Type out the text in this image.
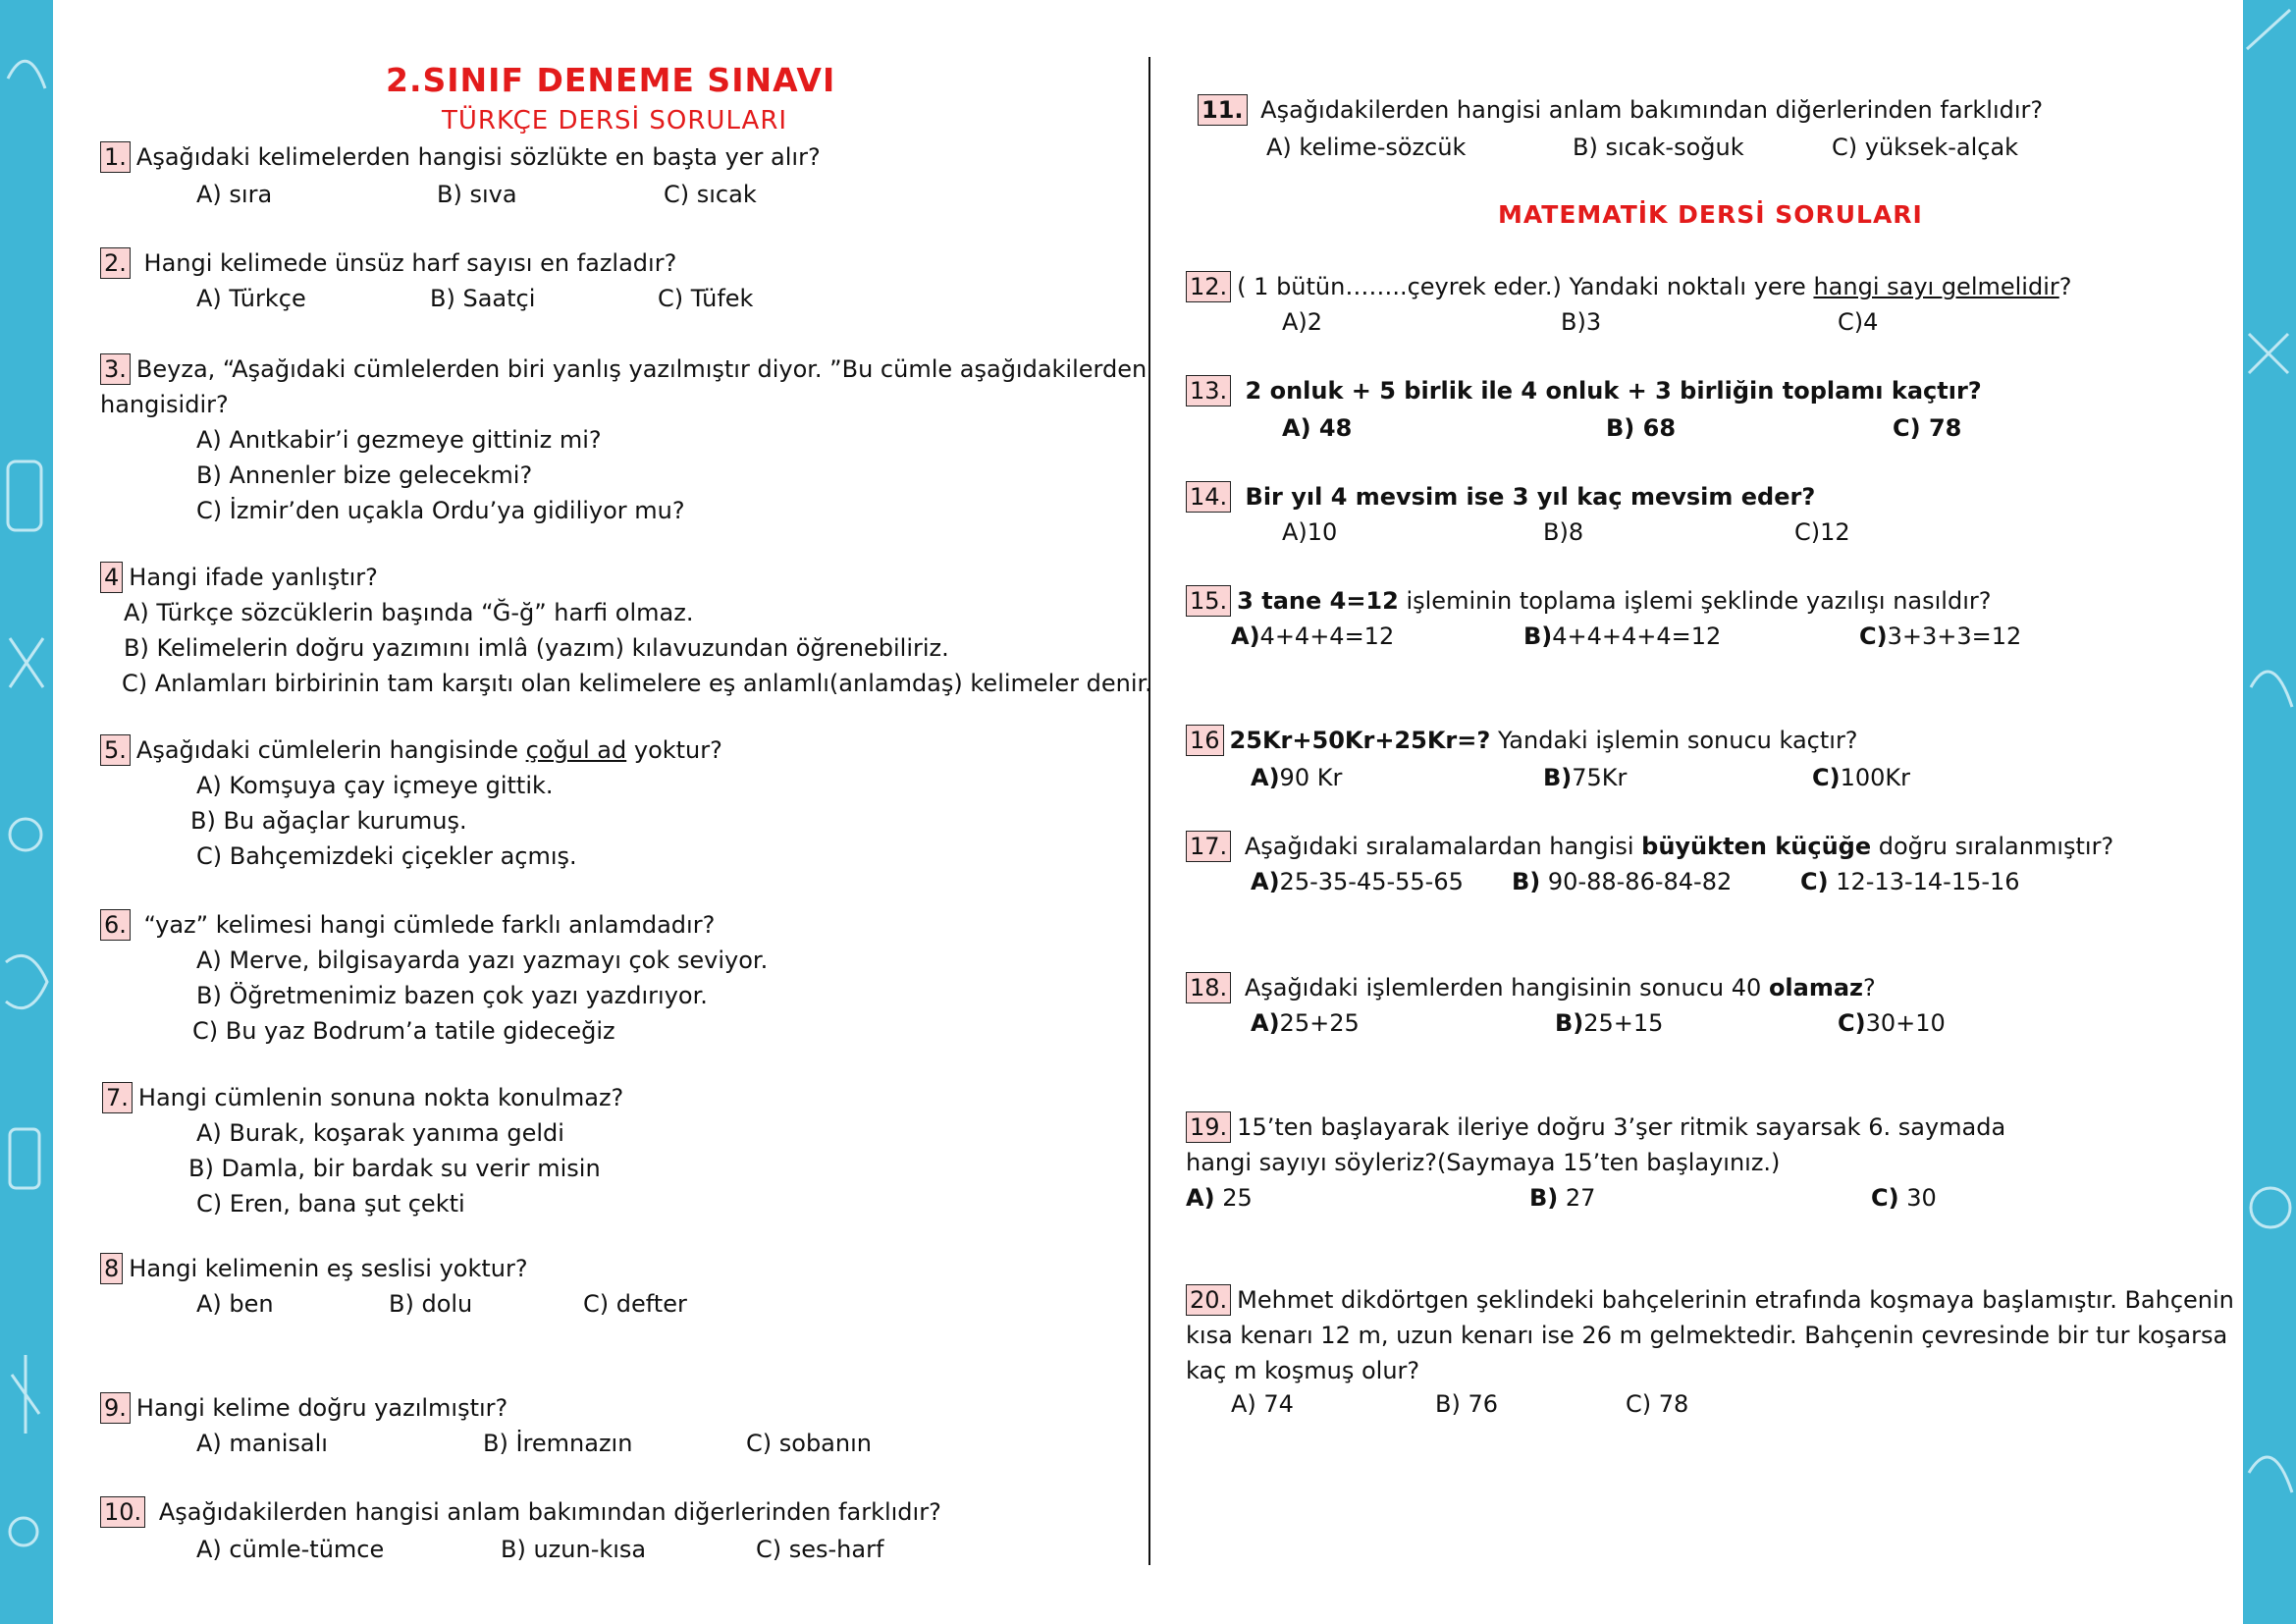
2.SINIF DENEME SINAVI
TÜRKÇE DERSİ SORULARI
1. Aşağıdaki kelimelerden hangisi sözlükte en başta yer alır?
A) sıra	B) sıva	C) sıcak
2. Hangi kelimede ünsüz harf sayısı en fazladır?
A) Türkçe	B) Saatçi	C) Tüfek
3. Beyza, “Aşağıdaki cümlelerden biri yanlış yazılmıştır diyor. ”Bu cümle aşağıdakilerden
hangisidir?
A) Anıtkabir’i gezmeye gittiniz mi?
B) Annenler bize gelecekmi?
C) İzmir’den uçakla Ordu’ya gidiliyor mu?
4 Hangi ifade yanlıştır?
A) Türkçe sözcüklerin başında “Ğ-ğ” harfi olmaz.
B) Kelimelerin doğru yazımını imlâ (yazım) kılavuzundan öğrenebiliriz.
C) Anlamları birbirinin tam karşıtı olan kelimelere eş anlamlı(anlamdaş) kelimeler denir.
5. Aşağıdaki cümlelerin hangisinde çoğul ad yoktur?
A) Komşuya çay içmeye gittik.
B) Bu ağaçlar kurumuş.
C) Bahçemizdeki çiçekler açmış.
6. “yaz” kelimesi hangi cümlede farklı anlamdadır?
A) Merve, bilgisayarda yazı yazmayı çok seviyor.
B) Öğretmenimiz bazen çok yazı yazdırıyor.
C) Bu yaz Bodrum’a tatile gideceğiz
7. Hangi cümlenin sonuna nokta konulmaz?
A) Burak, koşarak yanıma geldi
B) Damla, bir bardak su verir misin
C) Eren, bana şut çekti
8 Hangi kelimenin eş seslisi yoktur?
A) ben	B) dolu	C) defter
9. Hangi kelime doğru yazılmıştır?
A) manisalı	B) İremnazın	C) sobanın
10. Aşağıdakilerden hangisi anlam bakımından diğerlerinden farklıdır?
A) cümle-tümce	B) uzun-kısa	C) ses-harf
11. Aşağıdakilerden hangisi anlam bakımından diğerlerinden farklıdır?
A) kelime-sözcük	B) sıcak-soğuk	C) yüksek-alçak
MATEMATİK DERSİ SORULARI
12. ( 1 bütün……..çeyrek eder.) Yandaki noktalı yere hangi sayı gelmelidir?
A)2	B)3	C)4
13. 2 onluk + 5 birlik ile 4 onluk + 3 birliğin toplamı kaçtır?
A) 48	B) 68	C) 78
14. Bir yıl 4 mevsim ise 3 yıl kaç mevsim eder?
A)10	B)8	C)12
15. 3 tane 4=12 işleminin toplama işlemi şeklinde yazılışı nasıldır?
A)4+4+4=12	B)4+4+4+4=12	C)3+3+3=12
16 25Kr+50Kr+25Kr=? Yandaki işlemin sonucu kaçtır?
A)90 Kr	B)75Kr	C)100Kr
17. Aşağıdaki sıralamalardan hangisi büyükten küçüğe doğru sıralanmıştır?
A)25-35-45-55-65 B) 90-88-86-84-82	C) 12-13-14-15-16
18. Aşağıdaki işlemlerden hangisinin sonucu 40 olamaz?
A)25+25	B)25+15	C)30+10
19. 15’ten başlayarak ileriye doğru 3’şer ritmik sayarsak 6. saymada
hangi sayıyı söyleriz?(Saymaya 15’ten başlayınız.)
A) 25	B) 27	C) 30
20. Mehmet dikdörtgen şeklindeki bahçelerinin etrafında koşmaya başlamıştır. Bahçenin
kısa kenarı 12 m, uzun kenarı ise 26 m gelmektedir. Bahçenin çevresinde bir tur koşarsa
kaç m koşmuş olur?
A) 74	B) 76	C) 78
